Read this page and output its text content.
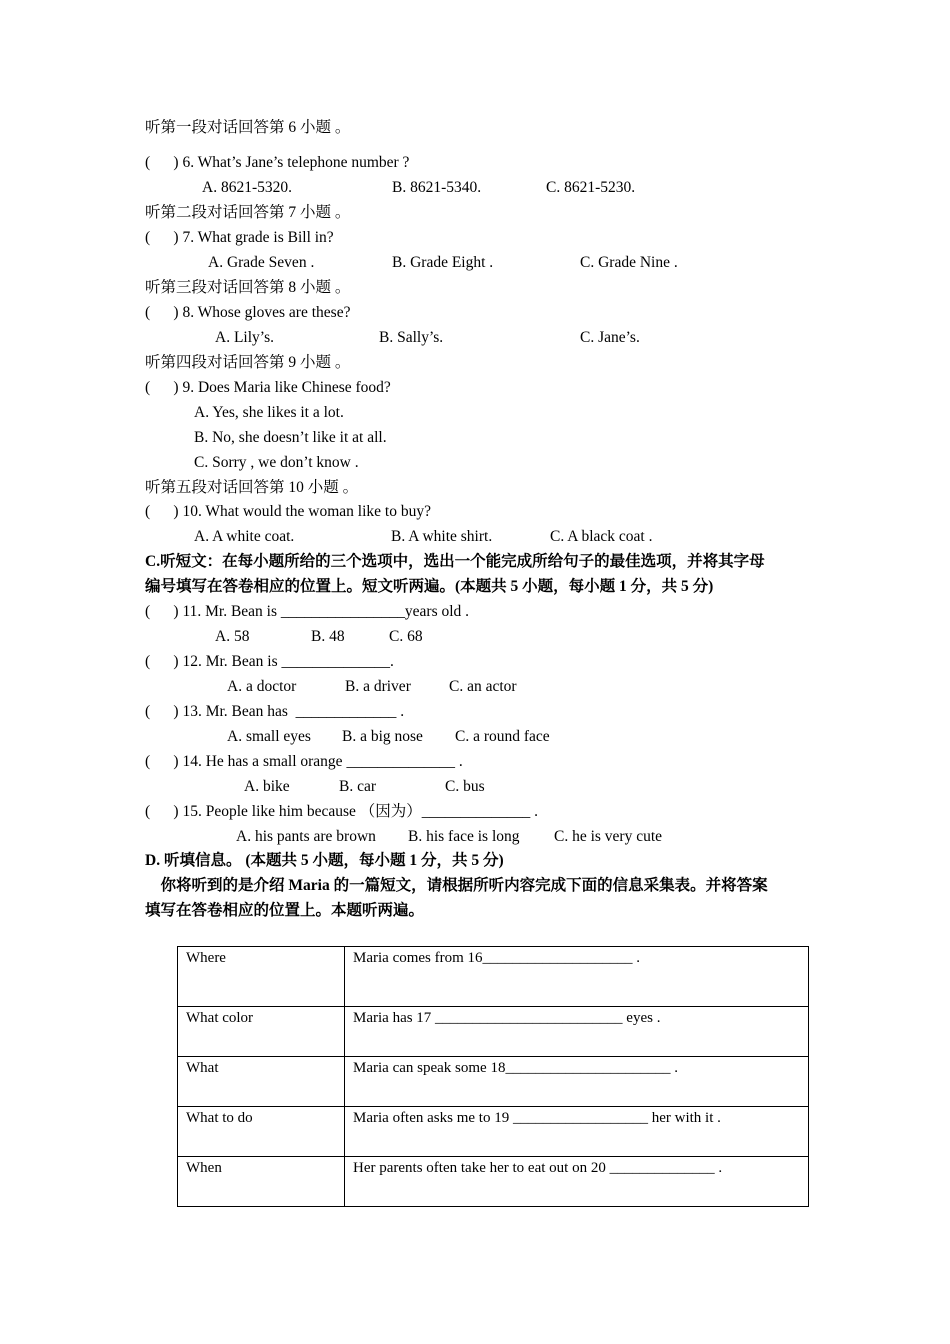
听第一段对话回答第 6 小题 。
(      ) 6. What’s Jane’s telephone number ?
A. 8621-5320.	B. 8621-5340.	C. 8621-5230.
听第二段对话回答第 7 小题 。
(      ) 7. What grade is Bill in?
A. Grade Seven .	B. Grade Eight .	C. Grade Nine .
听第三段对话回答第 8 小题 。
(      ) 8. Whose gloves are these?
A. Lily’s.	B. Sally’s.	C. Jane’s.
听第四段对话回答第 9 小题 。
(      ) 9. Does Maria like Chinese food?
A. Yes, she likes it a lot.
B. No, she doesn’t like it at all.
C. Sorry , we don’t know .
听第五段对话回答第 10 小题 。
(      ) 10. What would the woman like to buy?
A. A white coat.	B. A white shirt.	C. A black coat .
C.听短文：在每小题所给的三个选项中，选出一个能完成所给句子的最佳选项，并将其字母
编号填写在答卷相应的位置上。短文听两遍。(本题共 5 小题，每小题 1 分，共 5 分)
(      ) 11. Mr. Bean is ________________years old .
A. 58	B. 48	C. 68
(      ) 12. Mr. Bean is ______________.
A. a doctor	B. a driver C. an actor
(      ) 13. Mr. Bean has  _____________ .
A. small eyes B. a big nose C. a round face
(      ) 14. He has a small orange ______________ .
A. bike	B. car	C. bus
(      ) 15. People like him because （因为）______________ .
A. his pants are brown B. his face is long C. he is very cute
D. 听填信息。 (本题共 5 小题，每小题 1 分，共 5 分)
你将听到的是介绍 Maria 的一篇短文，请根据所听内容完成下面的信息采集表。并将答案
填写在答卷相应的位置上。本题听两遍。
Where	Maria comes from 16____________________ .
What color	Maria has 17 _________________________ eyes .
What	Maria can speak some 18______________________ .
What to do	Maria often asks me to 19 __________________ her with it .
When	Her parents often take her to eat out on 20 ______________ .
